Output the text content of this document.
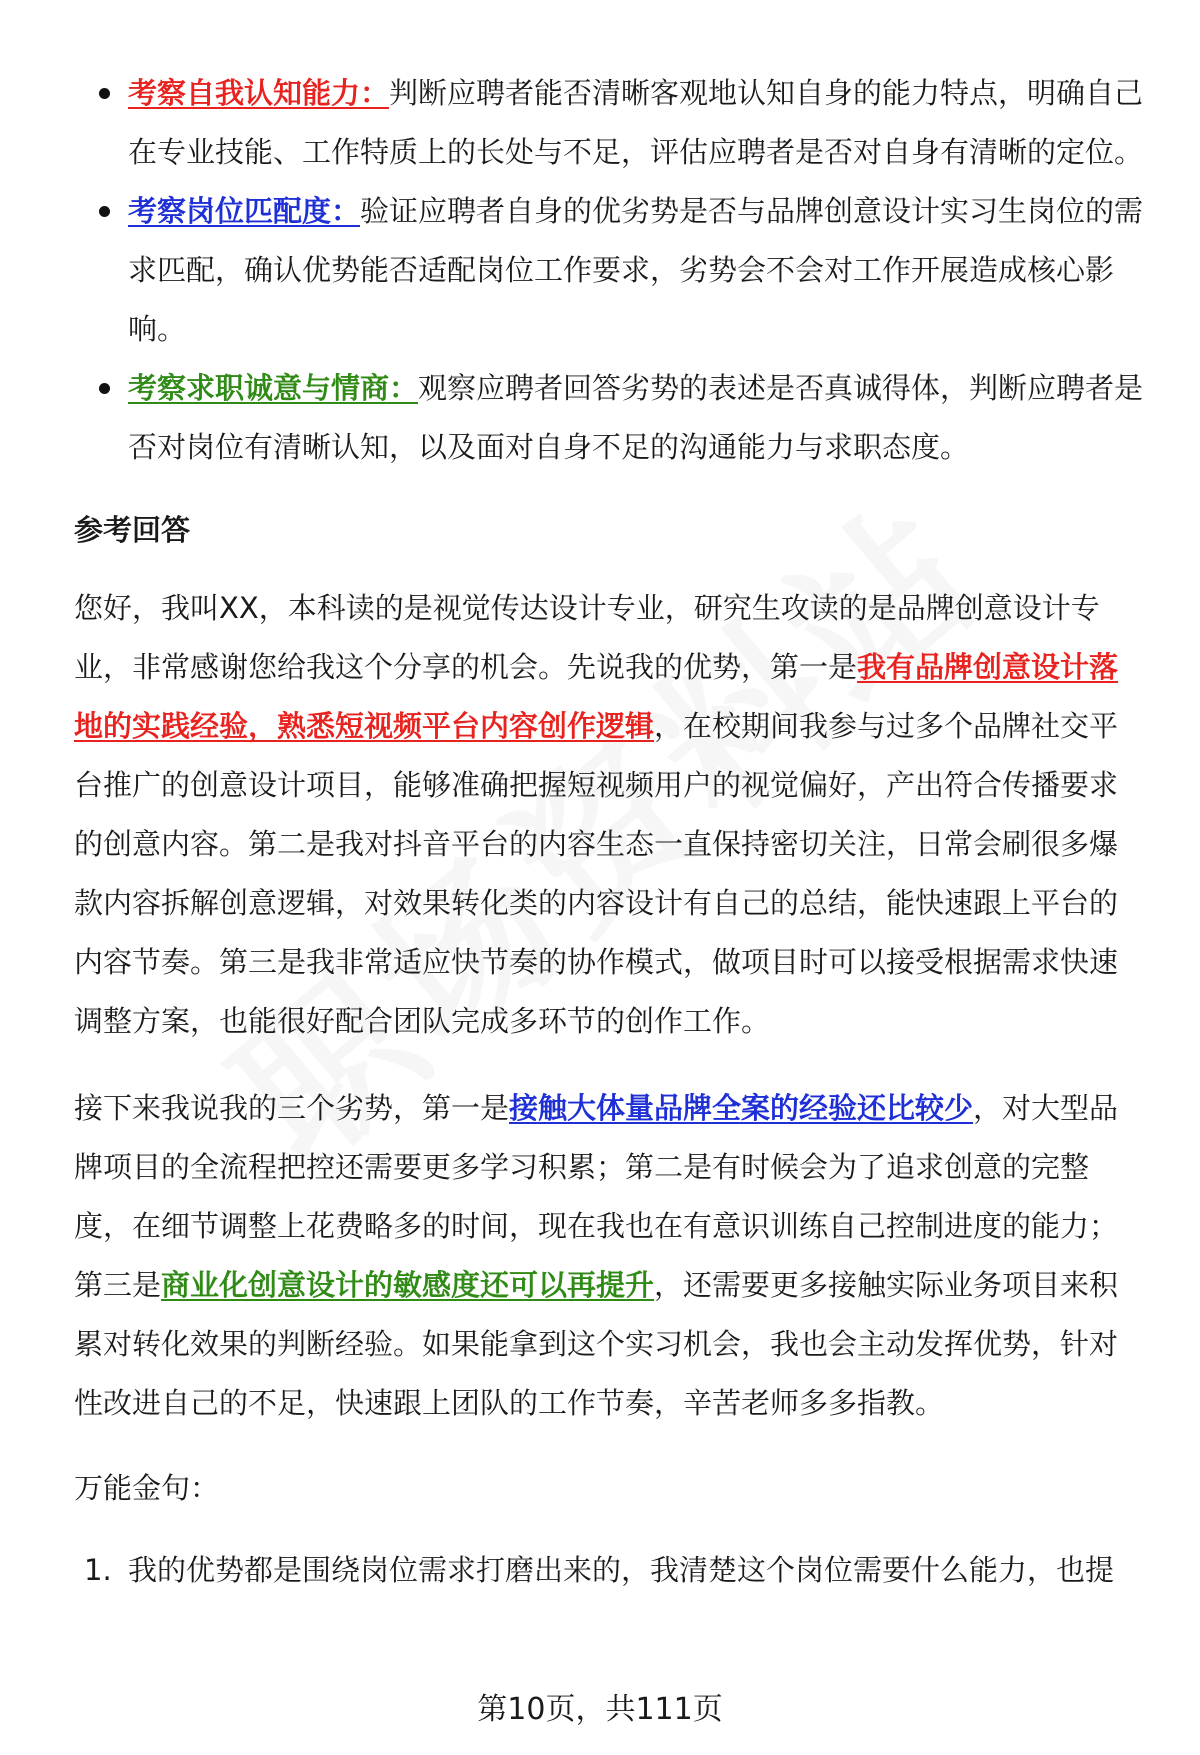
考察自我认知能力：判断应聘者能否清晰客观地认知自身的能力特点，明确自己在专业技能、工作特质上的长处与不足，评估应聘者是否对自身有清晰的定位。
考察岗位匹配度：验证应聘者自身的优劣势是否与品牌创意设计实习生岗位的需求匹配，确认优势能否适配岗位工作要求，劣势会不会对工作开展造成核心影响。
考察求职诚意与情商：观察应聘者回答劣势的表述是否真诚得体，判断应聘者是否对岗位有清晰认知，以及面对自身不足的沟通能力与求职态度。
参考回答

您好，我叫XX，本科读的是视觉传达设计专业，研究生攻读的是品牌创意设计专业，非常感谢您给我这个分享的机会。先说我的优势，第一是我有品牌创意设计落地的实践经验，熟悉短视频平台内容创作逻辑，在校期间我参与过多个品牌社交平台推广的创意设计项目，能够准确把握短视频用户的视觉偏好，产出符合传播要求的创意内容。第二是我对抖音平台的内容生态一直保持密切关注，日常会刷很多爆款内容拆解创意逻辑，对效果转化类的内容设计有自己的总结，能快速跟上平台的内容节奏。第三是我非常适应快节奏的协作模式，做项目时可以接受根据需求快速调整方案，也能很好配合团队完成多环节的创作工作。

接下来我说我的三个劣势，第一是接触大体量品牌全案的经验还比较少，对大型品牌项目的全流程把控还需要更多学习积累；第二是有时候会为了追求创意的完整度，在细节调整上花费略多的时间，现在我也在有意识训练自己控制进度的能力；第三是商业化创意设计的敏感度还可以再提升，还需要更多接触实际业务项目来积累对转化效果的判断经验。如果能拿到这个实习机会，我也会主动发挥优势，针对性改进自己的不足，快速跟上团队的工作节奏，辛苦老师多多指教。

万能金句：
1. 我的优势都是围绕岗位需求打磨出来的，我清楚这个岗位需要什么能力，也提
第10页，共111页
